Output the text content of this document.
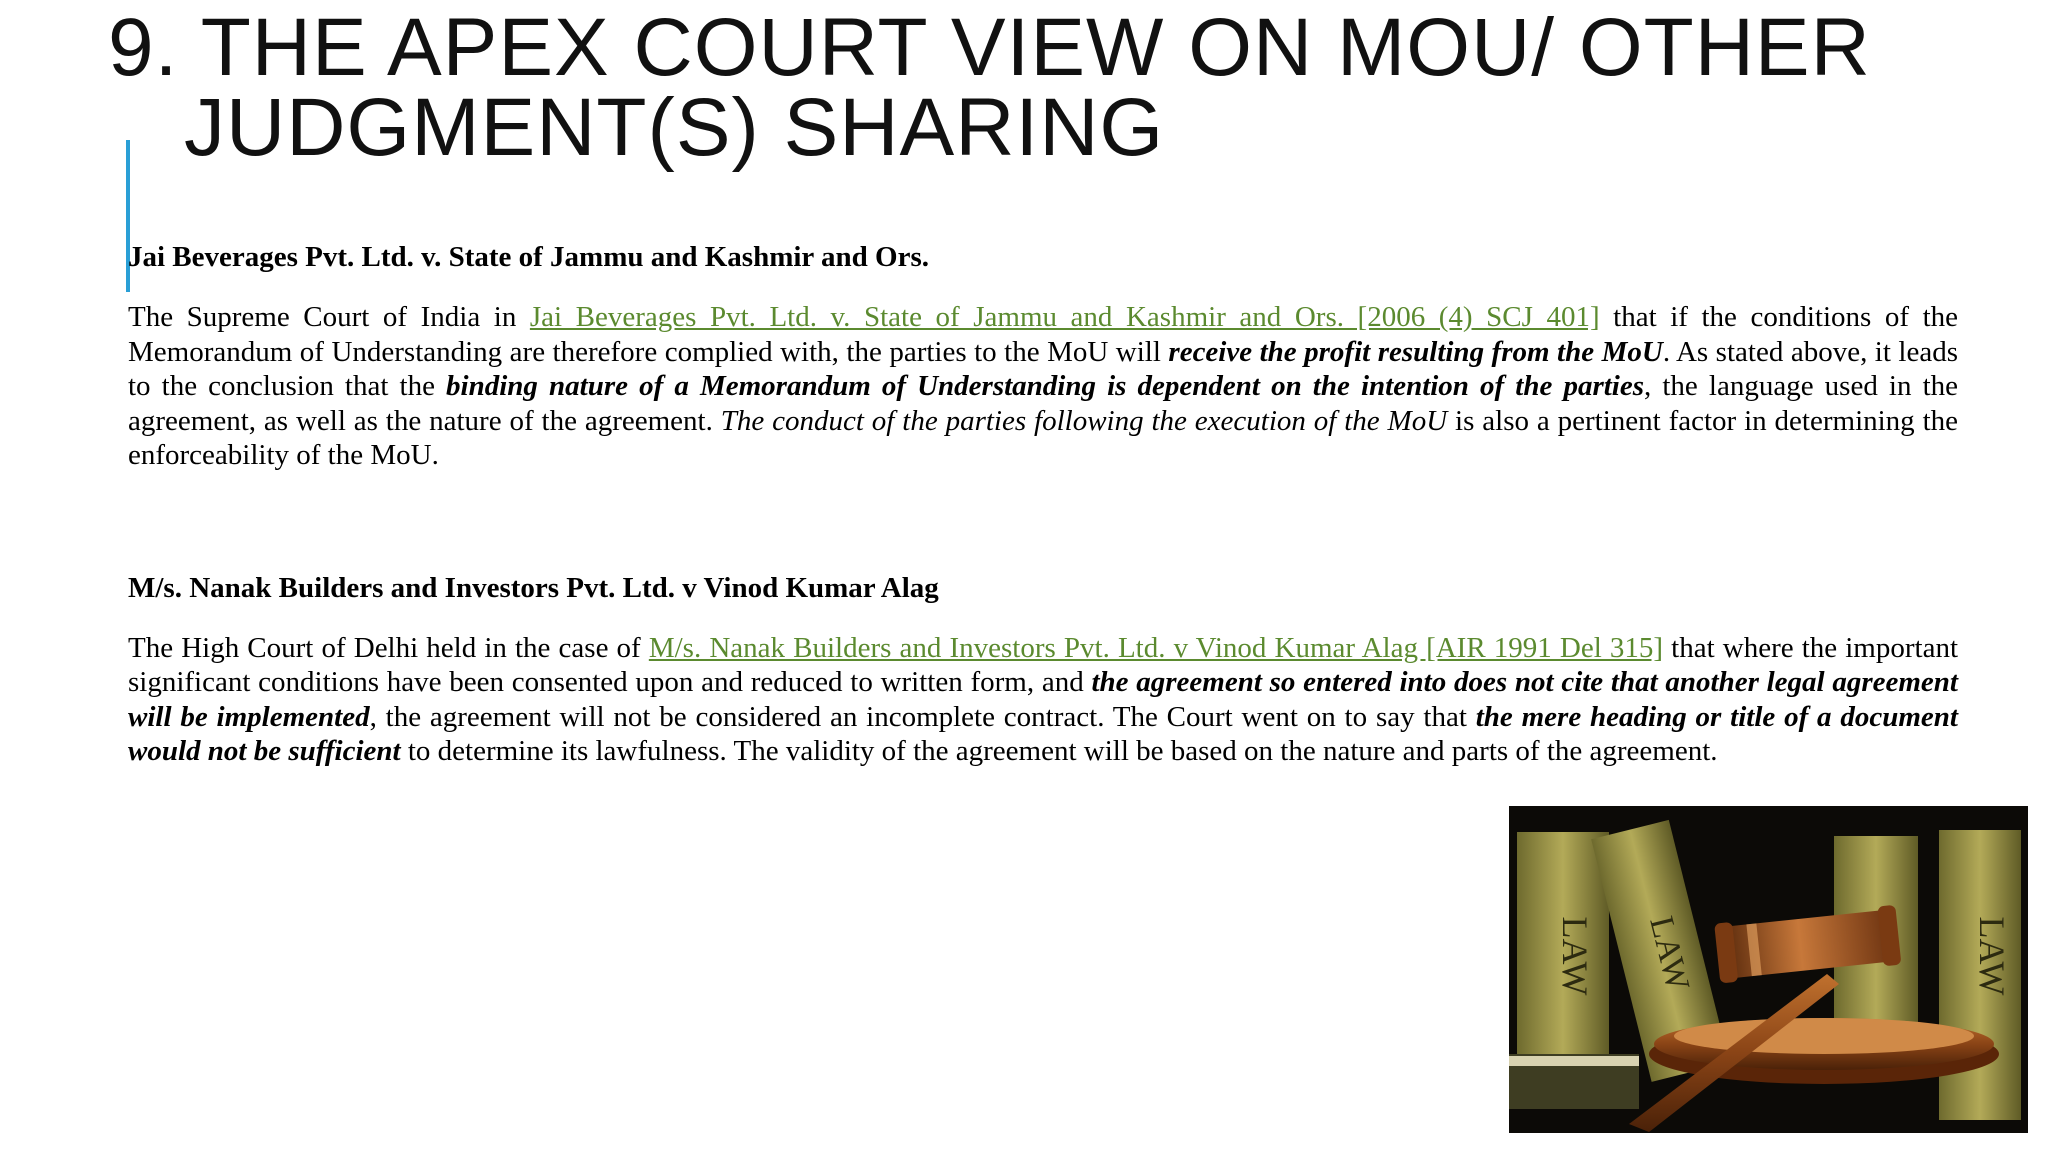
9. THE APEX COURT VIEW ON MOU/ OTHER
JUDGMENT(S) SHARING

Jai Beverages Pvt. Ltd. v. State of Jammu and Kashmir and Ors.

The Supreme Court of India in Jai Beverages Pvt. Ltd. v. State of Jammu and Kashmir and Ors. [2006 (4) SCJ 401] that if the conditions of the Memorandum of Understanding are therefore complied with, the parties to the MoU will receive the profit resulting from the MoU. As stated above, it leads to the conclusion that the binding nature of a Memorandum of Understanding is dependent on the intention of the parties, the language used in the agreement, as well as the nature of the agreement. The conduct of the parties following the execution of the MoU is also a pertinent factor in determining the enforceability of the MoU.

M/s. Nanak Builders and Investors Pvt. Ltd. v Vinod Kumar Alag

The High Court of Delhi held in the case of M/s. Nanak Builders and Investors Pvt. Ltd. v Vinod Kumar Alag [AIR 1991 Del 315] that where the important significant conditions have been consented upon and reduced to written form, and the agreement so entered into does not cite that another legal agreement will be implemented, the agreement will not be considered an incomplete contract. The Court went on to say that the mere heading or title of a document would not be sufficient to determine its lawfulness. The validity of the agreement will be based on the nature and parts of the agreement.

LAW LAW	LAW
